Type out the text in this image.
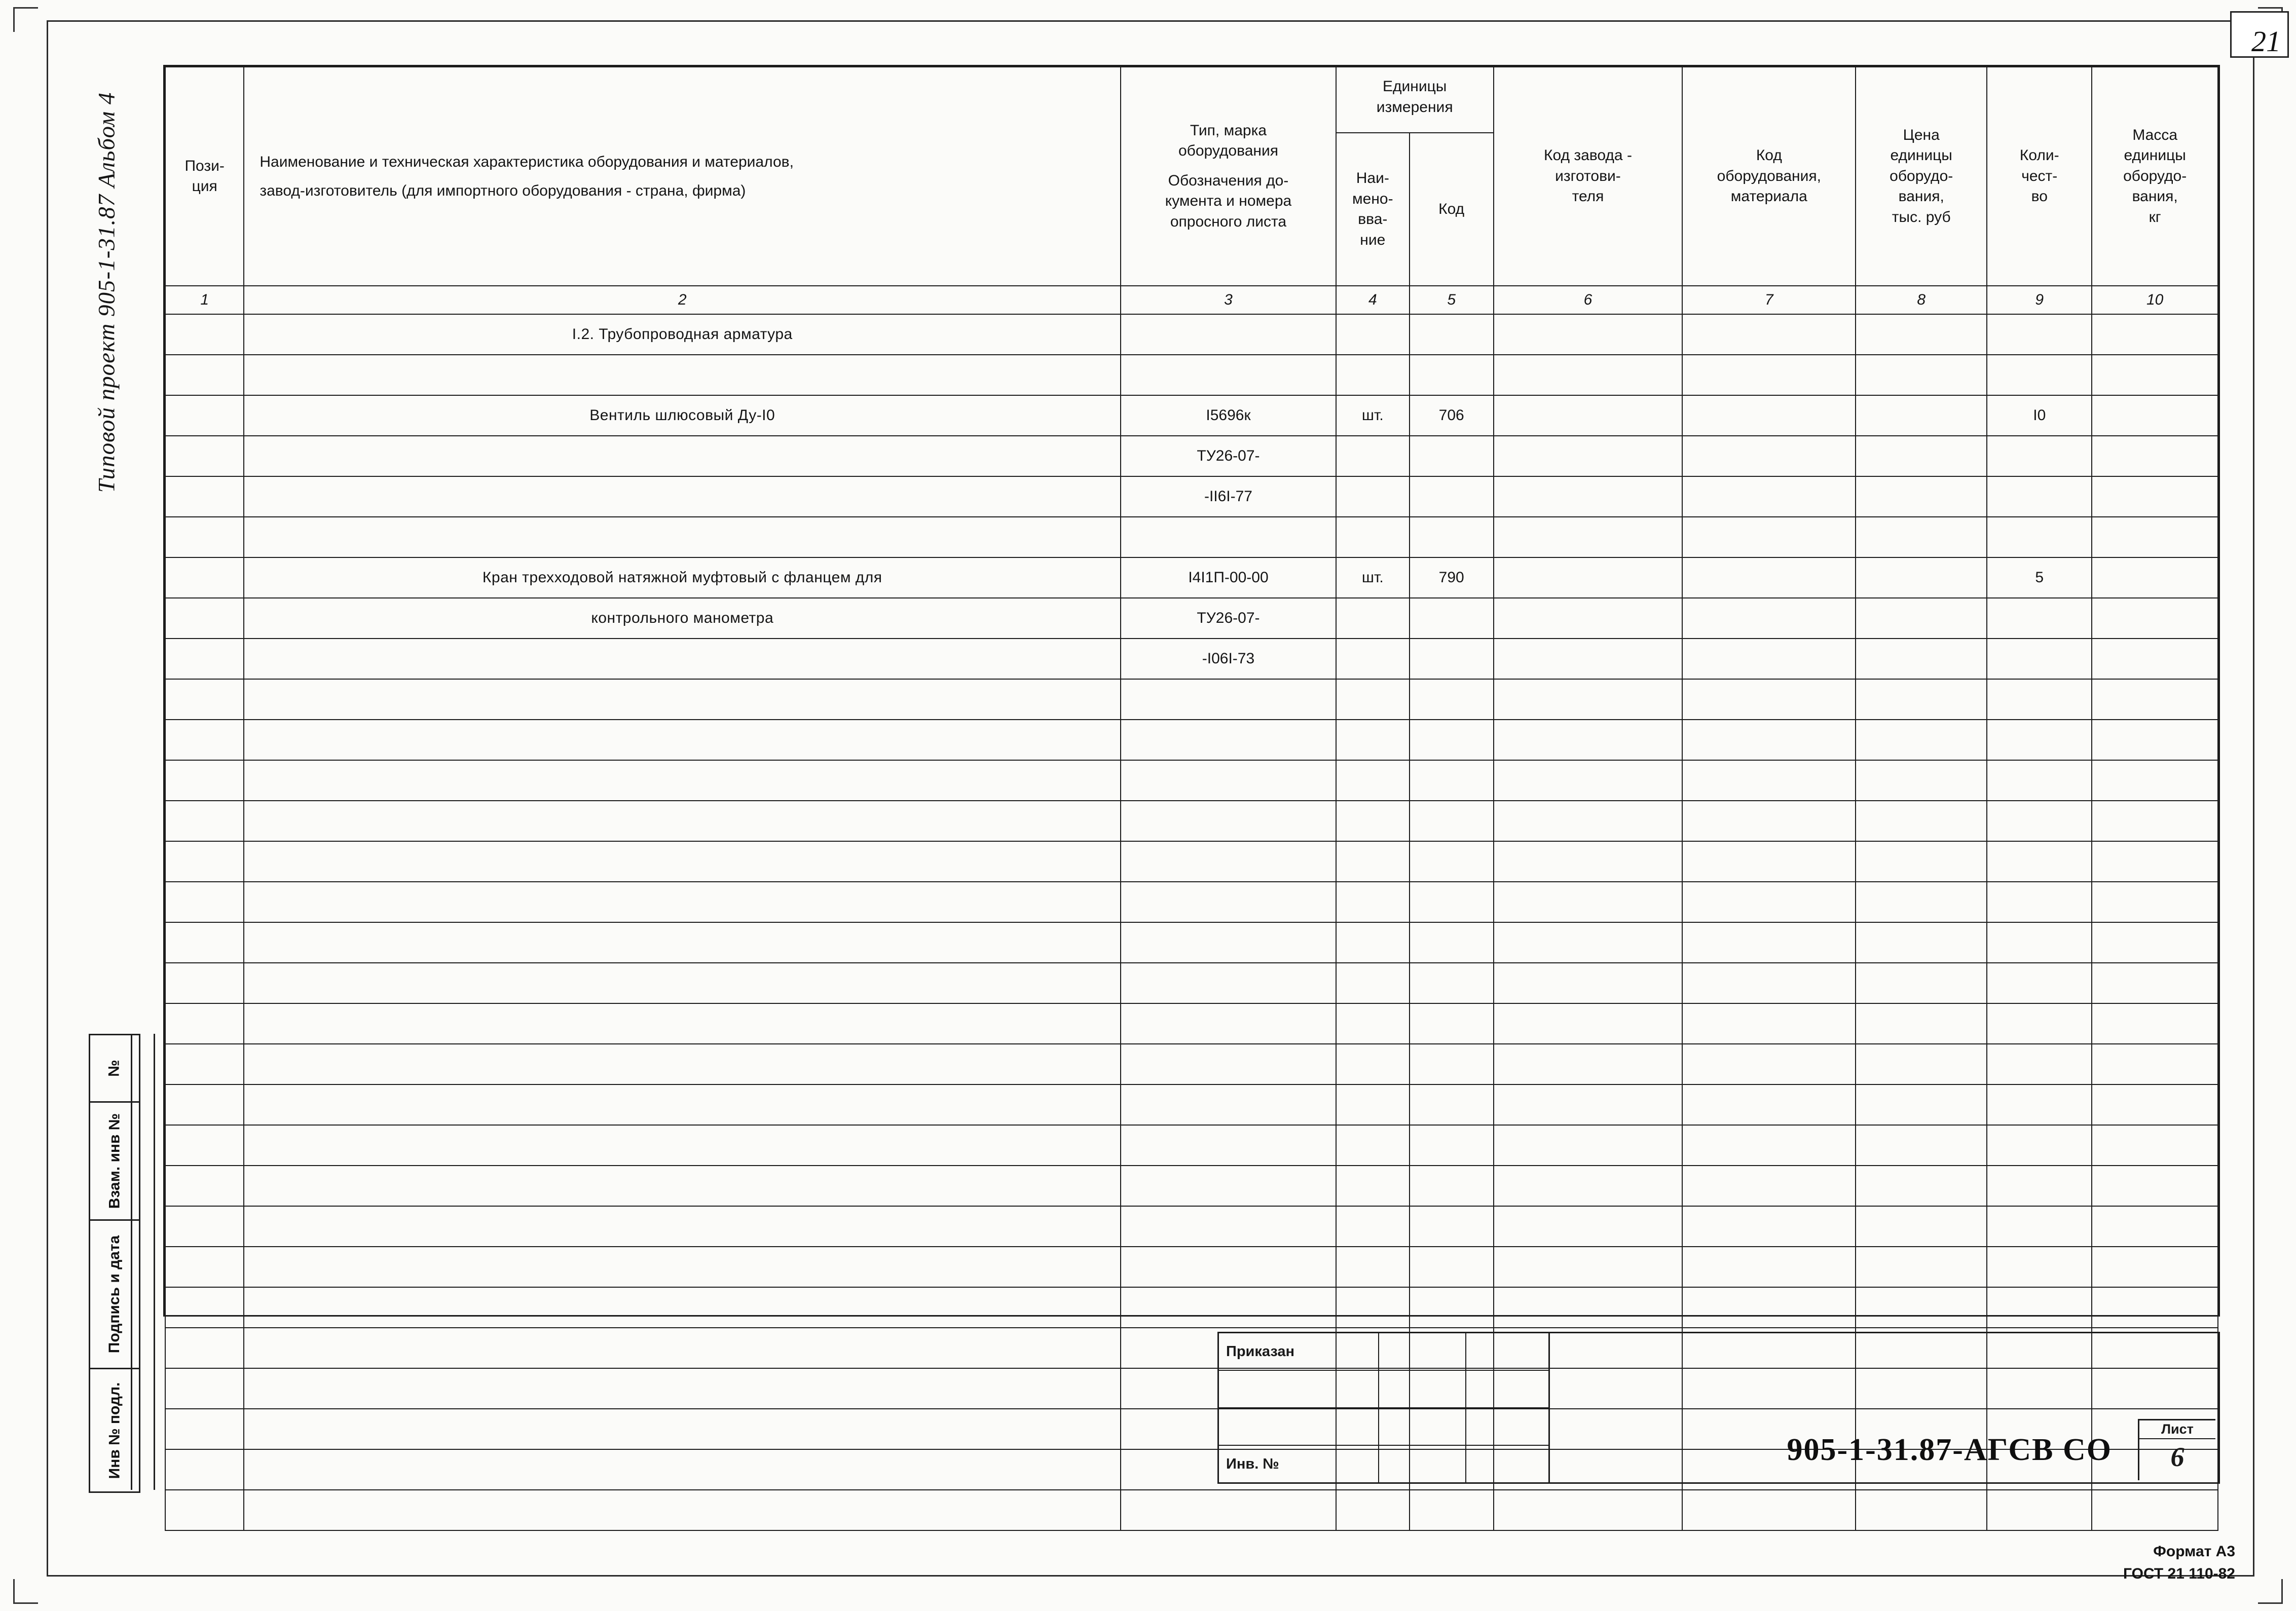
21
Типовой проект 905-1-31.87 Альбом 4
№
Взам. инв №
Подпись и дата
Инв № подл.
Пози-
ция

Наименование и техническая характеристика оборудования и материалов,
завод-изготовитель (для импортного оборудования - страна, фирма)

Тип, марка
оборудования
Обозначения до-
кумента и номера
опросного листа

Единицы
измерения

Код завода -
изготови-
теля

Код
оборудования,
материала

Цена
единицы
оборудо-
вания,
тыс. руб

Коли-
чест-
во

Масса
единицы
оборудо-
вания,
кг

			Наи-
мено-
вва-
ние	Код					
1	2	3	4	5	6	7	8	9	10
	I.2. Трубопроводная арматура								

	Вентиль шлюсовый Ду-I0	I5696к	шт.	706				I0	
		ТУ26-07-							
		-II6I-77							

	Кран трехходовой натяжной муфтовый с фланцем для	I4I1П-00-00	шт.	790				5	
	контрольного манометра	ТУ26-07-							
		-I06I-73							

Приказан
Инв. №	905-1-31.87-АГСВ СО
Лист
6
Формат А3
ГОСТ 21 110-82
